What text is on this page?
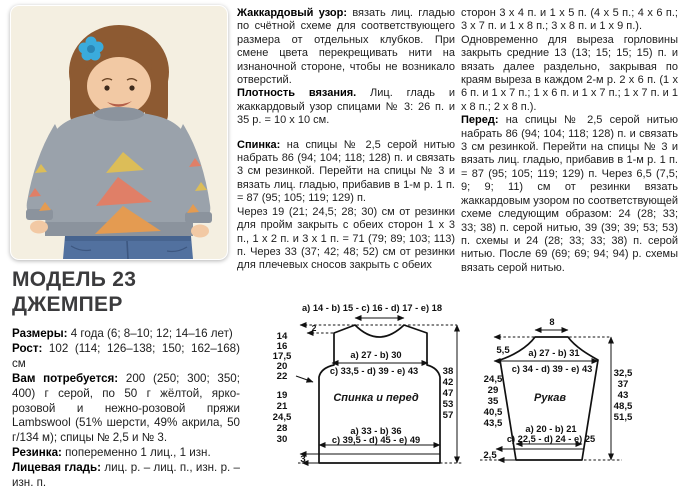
МОДЕЛЬ 23
ДЖЕМПЕР

Размеры: 4 года (6; 8–10; 12; 14–16 лет)

Рост: 102 (114; 126–138; 150; 162–168) см

Вам потребуется: 200 (250; 300; 350; 400) г серой, по 50 г жёлтой, ярко-розовой и нежно-розовой пряжи Lambswool (51% шерсти, 49% акрила, 50 г/134 м); спицы № 2,5 и № 3.

Резинка: попеременно 1 лиц., 1 изн.

Лицевая гладь: лиц. р. – лиц. п., изн. р. – изн. п.

Жаккардовый узор: вязать лиц. гладью по счётной схеме для соответствующего размера от отдельных клубков. При смене цвета перекрещивать нити на изнаночной стороне, чтобы не возникало отверстий.

Плотность вязания. Лиц. гладь и жаккардовый узор спицами № 3: 26 п. и 35 р. = 10 x 10 см.

Спинка: на спицы № 2,5 серой нитью набрать 86 (94; 104; 118; 128) п. и связать 3 см резинкой. Перейти на спицы № 3 и вязать лиц. гладью, прибавив в 1-м р. 1 п. = 87 (95; 105; 119; 129) п.

Через 19 (21; 24,5; 28; 30) см от резинки для пройм закрыть с обеих сторон 1 x 3 п., 1 x 2 п. и 3 x 1 п. = 71 (79; 89; 103; 113) п. Через 33 (37; 42; 48; 52) см от резинки для плечевых сносов закрыть с обеих

сторон 3 x 4 п. и 1 x 5 п. (4 x 5 п.; 4 x 6 п.; 3 x 7 п. и 1 x 8 п.; 3 x 8 п. и 1 x 9 п.).

Одновременно для выреза горловины закрыть средние 13 (13; 15; 15; 15) п. и вязать далее раздельно, закрывая по краям выреза в каждом 2-м р. 2 x 6 п. (1 x 6 п. и 1 x 7 п.; 1 x 6 п. и 1 x 7 п.; 1 x 7 п. и 1 x 8 п.; 2 x 8 п.).

Перед: на спицы № 2,5 серой нитью набрать 86 (94; 104; 118; 128) п. и связать 3 см резинкой. Перейти на спицы № 3 и вязать лиц. гладью, прибавив в 1-м р. 1 п. = 87 (95; 105; 119; 129) п. Через 6,5 (7,5; 9; 9; 11) см от резинки вязать жаккардовым узором по соответствующей схеме следующим образом: 24 (28; 33; 33; 38) п. серой нитью, 39 (39; 39; 53; 53) п. схемы и 24 (28; 33; 33; 38) п. серой нитью. После 69 (69; 69; 94; 94) р. схемы вязать серой нитью.

a) 14 - b) 15 - c) 16 - d) 17 - e) 18
2
14
16
17,5
20
22
a) 27 - b) 30
c) 33,5 - d) 39 - e) 43
Спинка и перед
19
21
24,5
28
30
38
42
47
53
57
a) 33 - b) 36
c) 39,5 - d) 45 - e) 49
3
8
5,5 a) 27 - b) 31
c) 34 - d) 39 - e) 43
Рукав
24,5
29
35
40,5
43,5
32,5
37
43
48,5
51,5
a) 20 - b) 21
c) 22,5 - d) 24 - e) 25
2,5
